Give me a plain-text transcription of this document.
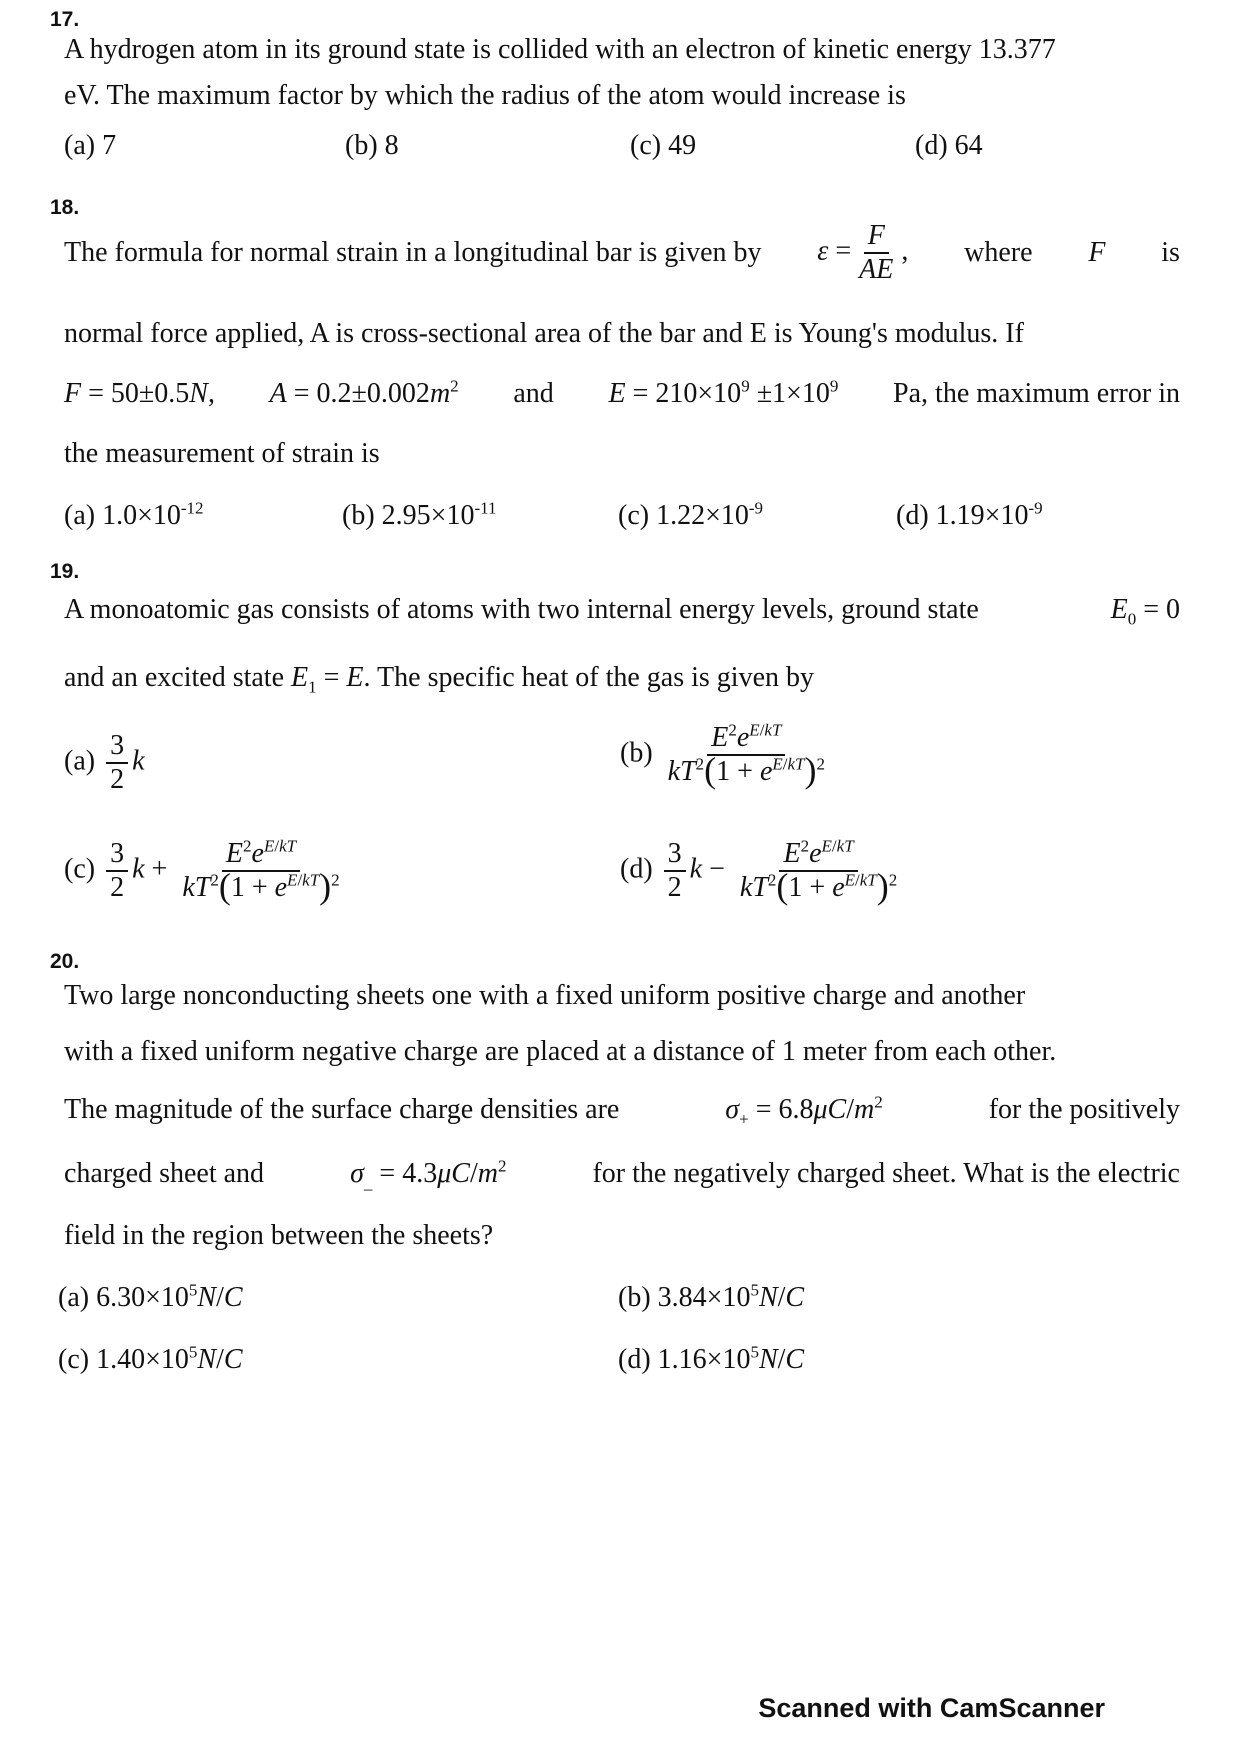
17.
A hydrogen atom in its ground state is collided with an electron of kinetic energy 13.377
eV. The maximum factor by which the radius of the atom would increase is
(a) 7	(b) 8	(c) 49	(d) 64
18.
The formula for normal strain in a longitudinal bar is given by $\varepsilon = \frac{F}{AE}$ , where F is
normal force applied, A is cross-sectional area of the bar and E is Young's modulus. If
F = 50±0.5N, $A = 0.2\pm 0.002m^2$ and $E = 210\times 10^9 \pm 1\times 10^9$ Pa, the maximum error in
the measurement of strain is
(a) $1.0\times 10^{-12}$	(b) $2.95\times 10^{-11}$	(c) $1.22\times 10^{-9}$	(d) $1.19\times 10^{-9}$
19.
A monoatomic gas consists of atoms with two internal energy levels, ground state	$E_0 = 0$
and an excited state $E_1 = E$. The specific heat of the gas is given by
$(a) \frac{3}{2}$ k	$(b) \frac{E^2e^{E/kT}}{kT^2(1 + e^{E/kT})^2}$
$(c) \frac{3}{2}$ $k + \frac{E^2e^{E/kT}}{kT^2(1 + e^{E/kT})^2}$	$(d) \frac{3}{2}$ $k - \frac{E^2e^{E/kT}}{kT^2(1 + e^{E/kT})^2}$
20.
Two large nonconducting sheets one with a fixed uniform positive charge and another
with a fixed uniform negative charge are placed at a distance of 1 meter from each other.
The magnitude of the surface charge densities are	$\sigma_+ = 6.8\mu C/m^2$	for the positively
charged sheet and	$\sigma_{\_} = 4.3\mu C/m^2$	for the negatively charged sheet. What is the electric
field in the region between the sheets?
(a) $6.30\times 10^5N/C$	(b) $3.84\times 10^5N/C$
(c) $1.40\times 10^5N/C$	(d) $1.16\times 10^5N/C$
Scanned with CamScanner
